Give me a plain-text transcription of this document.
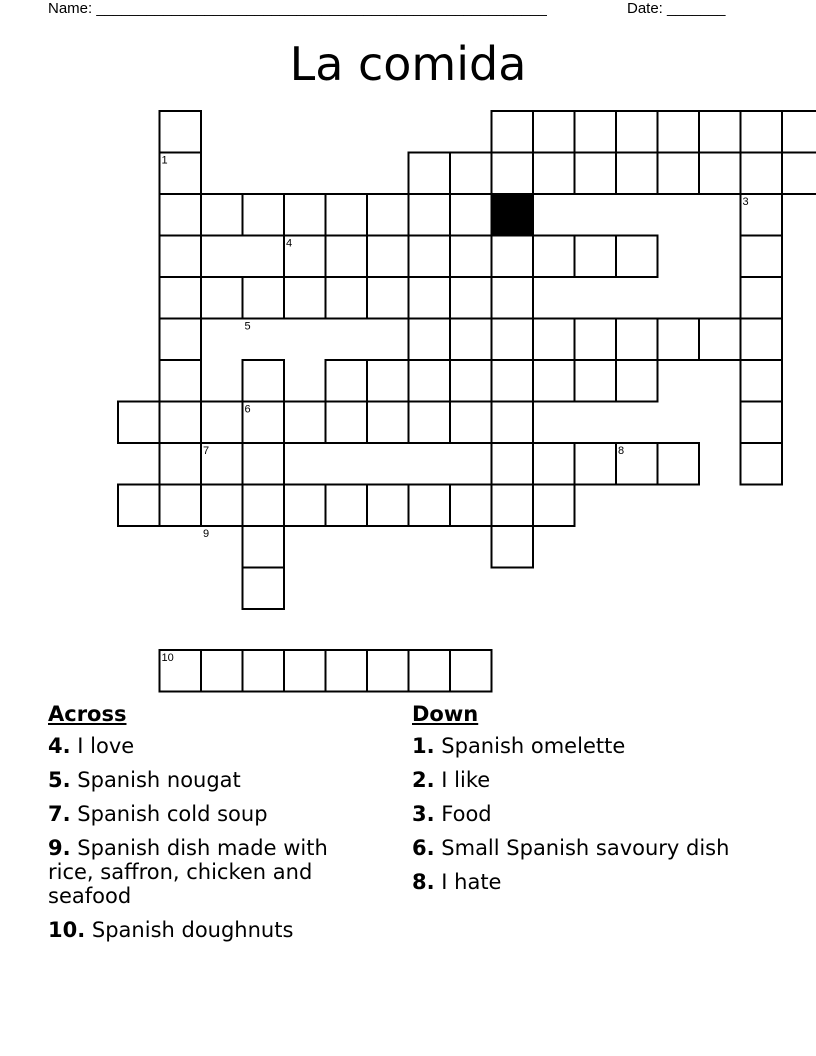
Name: ______________________________________________________	Date: _______
La comida
1
2	3
4
5
6
7	8
9
10
Across
4. I love
5. Spanish nougat
7. Spanish cold soup
9. Spanish dish made with rice, saffron, chicken and seafood
10. Spanish doughnuts
Down
1. Spanish omelette
2. I like
3. Food
6. Small Spanish savoury dish
8. I hate
